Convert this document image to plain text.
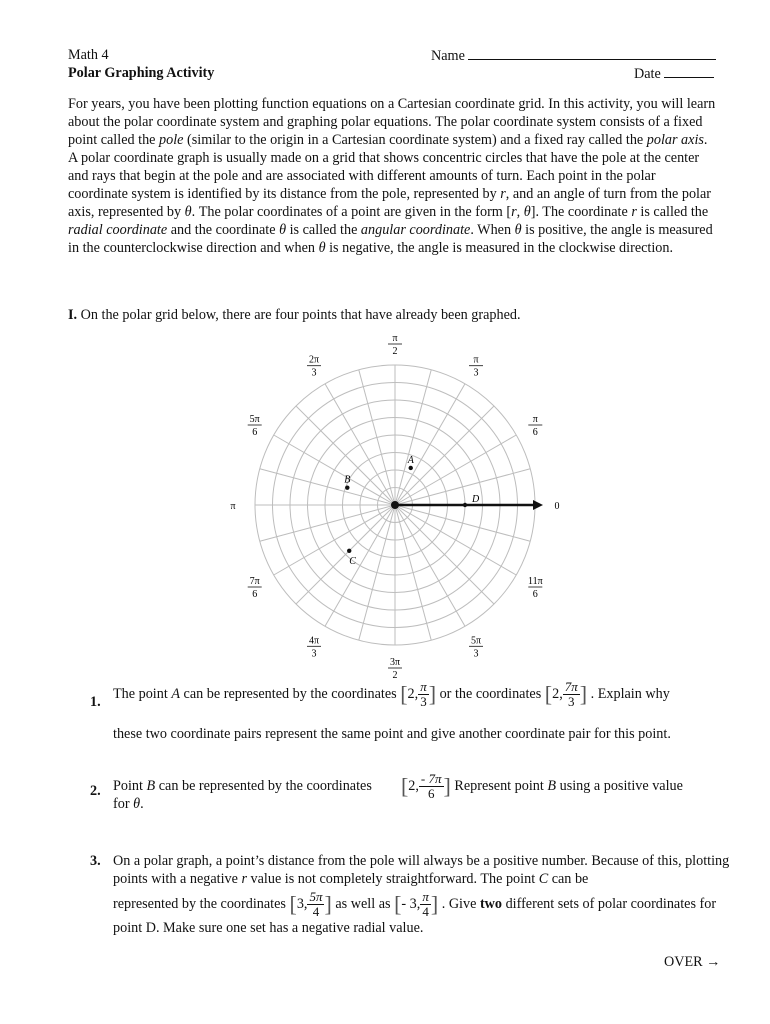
Math 4
Polar Graphing Activity
Name
Date

For years, you have been plotting function equations on a Cartesian coordinate grid. In this activity, you will learn about the polar coordinate system and graphing polar equations. The polar coordinate system consists of a fixed point called the pole (similar to the origin in a Cartesian coordinate system) and a fixed ray called the polar axis. A polar coordinate graph is usually made on a grid that shows concentric circles that have the pole at the center and rays that begin at the pole and are associated with different amounts of turn. Each point in the polar coordinate system is identified by its distance from the pole, represented by r, and an angle of turn from the polar axis, represented by θ. The polar coordinates of a point are given in the form [r, θ]. The coordinate r is called the radial coordinate and the coordinate θ is called the angular coordinate. When θ is positive, the angle is measured in the counterclockwise direction and when θ is negative, the angle is measured in the clockwise direction.

I. On the polar grid below, there are four points that have already been graphed.
0
π
6
π
3
π
2
2π
3
5π
6
π
7π
6
4π
3
3π
2
5π
3
11π
6
A
B
C
D
1.
The point A can be represented by the coordinates [2, $\frac{\pi}{3}$ ] or the coordinates [2, $\frac{7\pi}{3}$ ] . Explain why
these two coordinate pairs represent the same point and give another coordinate pair for this point.
2. Point B can be represented by the coordinates [2, $\frac{- 7\pi}{6}$ ] Represent point B using a positive value
for θ.
3. On a polar graph, a point’s distance from the pole will always be a positive number. Because of this, plotting points with a negative r value is not completely straightforward. The point C can be
represented by the coordinates [3, $\frac{5\pi}{4}$ ] as well as [- 3, $\frac{\pi}{4}$ ] . Give two different sets of polar coordinates for point D. Make sure one set has a negative radial value.
OVER →
